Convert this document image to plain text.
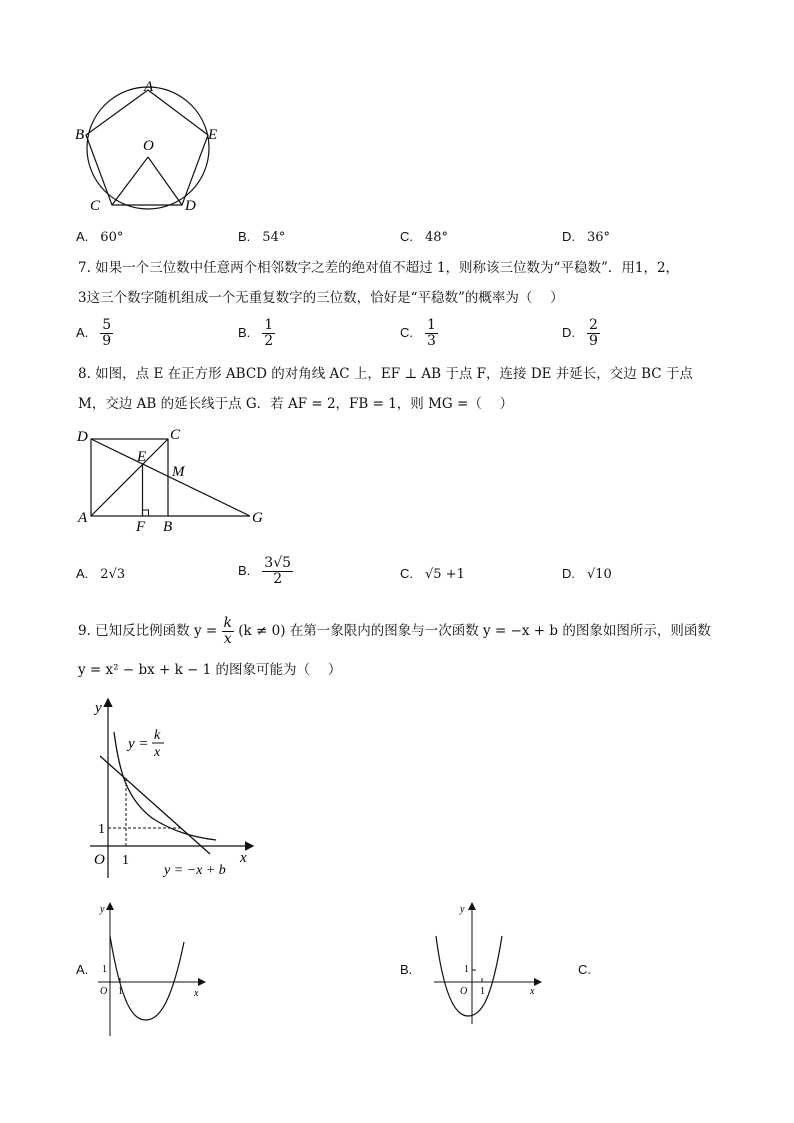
A
B	E
O
C	D
A. 60°	B. 54°	C. 48°	D. 36°
7. 如果一个三位数中任意两个相邻数字之差的绝对值不超过 1，则称该三位数为“平稳数”．用1，2，
3这三个数字随机组成一个无重复数字的三位数，恰好是“平稳数”的概率为（　 ）
A. $\frac{5}{9}$	B. $\frac{1}{2}$	C. $\frac{1}{3}$	D. $\frac{2}{9}$
8. 如图，点 E 在正方形 ABCD 的对角线 AC 上，EF ⊥ AB 于点 F，连接 DE 并延长，交边 BC 于点
M，交边 AB 的延长线于点 G．若 AF = 2，FB = 1，则 MG =（　 ）
D	C
E
M
A
F B
G
A. 2√3	B. $\frac{3√5}{2}$	C. √5 +1	D. √10
9. 已知反比例函数 $y = \frac{k}{x} (k \ne 0)$ 在第一象限内的图象与一次函数 y = −x + b 的图象如图所示，则函数
y = x² − bx + k − 1 的图象可能为（　 ）
y
x
O 1
1
y =
k
x
y = −x + b
A.
y
x
O 1
1	B.
y
x
O 1
1	C.
